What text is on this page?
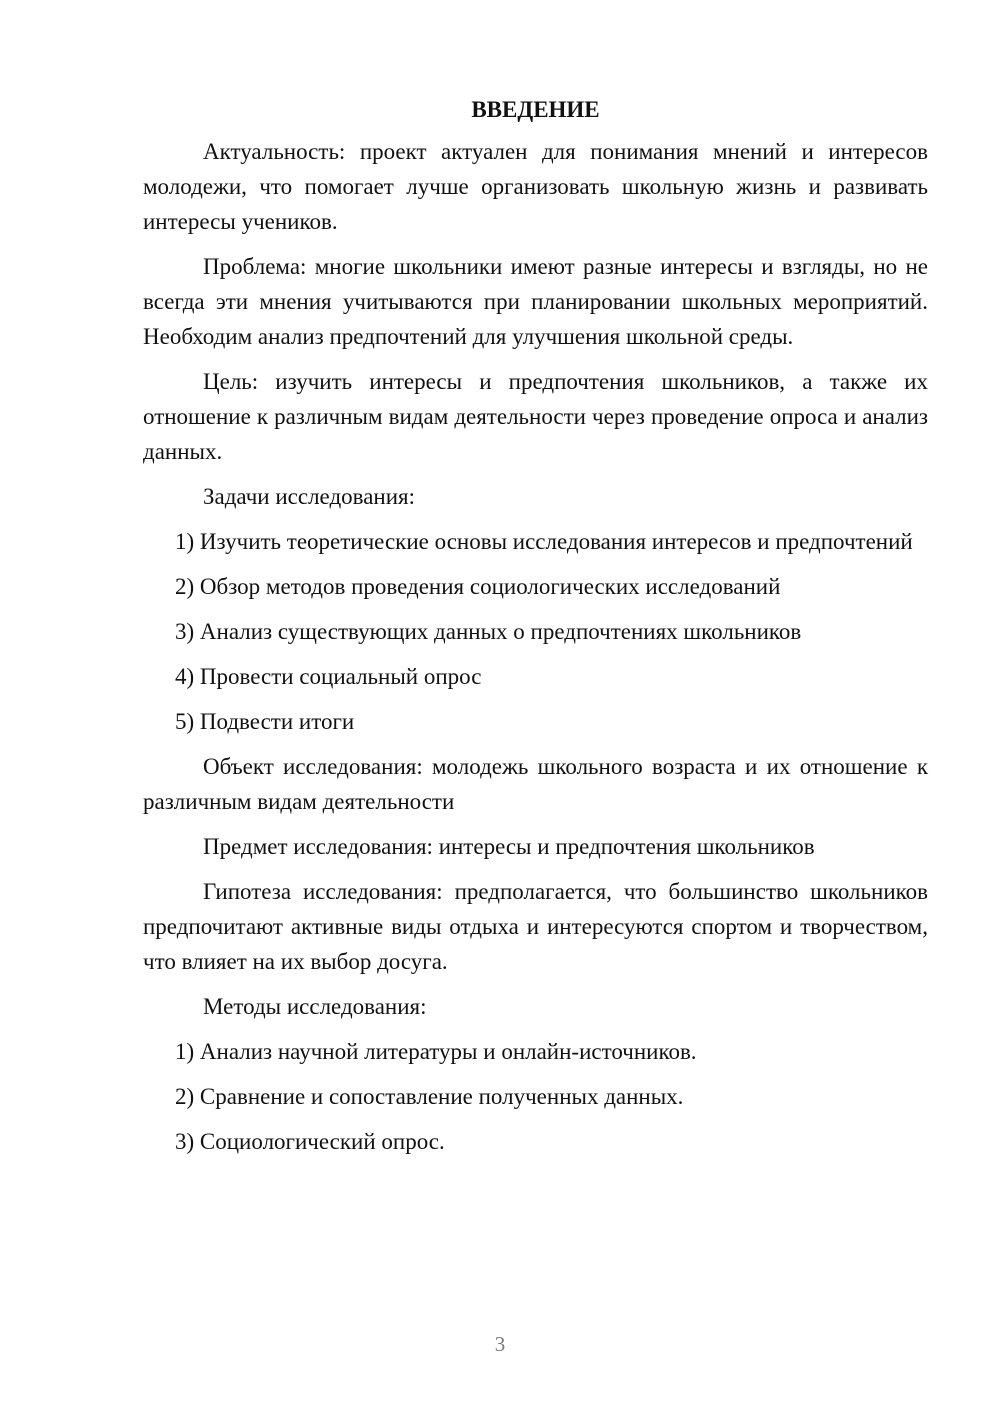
ВВЕДЕНИЕ

Актуальность: проект актуален для понимания мнений и интересов молодежи, что помогает лучше организовать школьную жизнь и развивать интересы учеников.

Проблема: многие школьники имеют разные интересы и взгляды, но не всегда эти мнения учитываются при планировании школьных мероприятий. Необходим анализ предпочтений для улучшения школьной среды.

Цель: изучить интересы и предпочтения школьников, а также их отношение к различным видам деятельности через проведение опроса и анализ данных.

Задачи исследования:

1) Изучить теоретические основы исследования интересов и предпочтений

2) Обзор методов проведения социологических исследований

3) Анализ существующих данных о предпочтениях школьников

4) Провести социальный опрос

5) Подвести итоги

Объект исследования: молодежь школьного возраста и их отношение к различным видам деятельности

Предмет исследования: интересы и предпочтения школьников

Гипотеза исследования: предполагается, что большинство школьников предпочитают активные виды отдыха и интересуются спортом и творчеством, что влияет на их выбор досуга.

Методы исследования:

1) Анализ научной литературы и онлайн-источников.

2) Сравнение и сопоставление полученных данных.

3) Социологический опрос.

3
